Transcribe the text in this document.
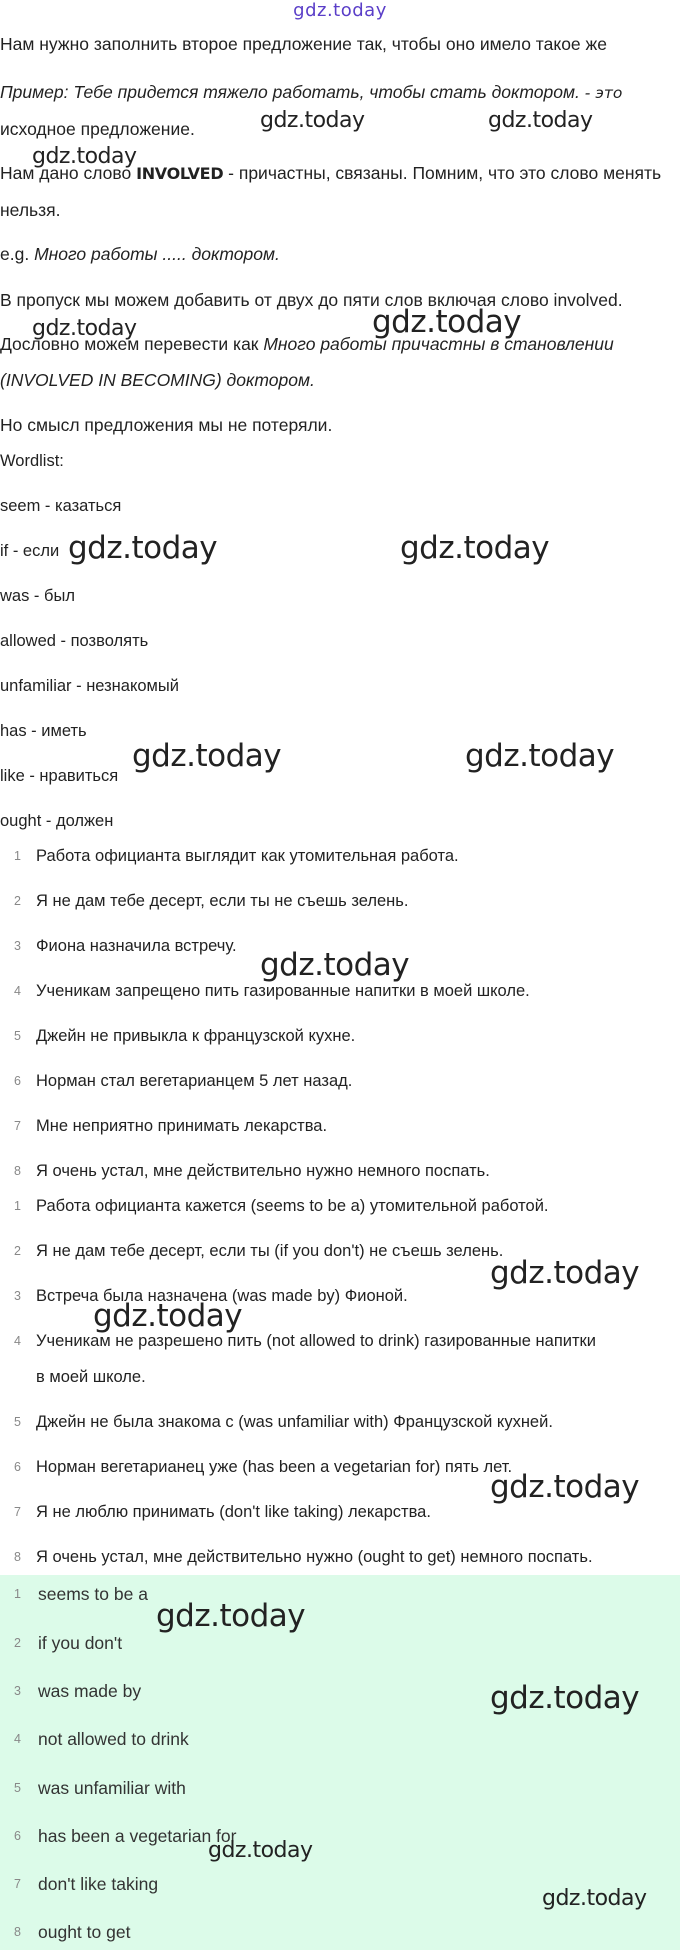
gdz.today
Нам нужно заполнить второе предложение так, чтобы оно имело такое же
Пример: Тебе придется тяжело работать, чтобы стать доктором. - это
исходное предложение.
Нам дано слово INVOLVED - причастны, связаны. Помним, что это слово менять
нельзя.
e.g. Много работы ..... доктором.
В пропуск мы можем добавить от двух до пяти слов включая слово involved.
Дословно можем перевести как Много работы причастны в становлении
(INVOLVED IN BECOMING) доктором.
Но смысл предложения мы не потеряли.
Wordlist:
seem - казаться
if - если
was - был
allowed - позволять
unfamiliar - незнакомый
has - иметь
like - нравиться
ought - должен
1 Работа официанта выглядит как утомительная работа.
2 Я не дам тебе десерт, если ты не съешь зелень.
3 Фиона назначила встречу.
4 Ученикам запрещено пить газированные напитки в моей школе.
5 Джейн не привыкла к французской кухне.
6 Норман стал вегетарианцем 5 лет назад.
7 Мне неприятно принимать лекарства.
8 Я очень устал, мне действительно нужно немного поспать.
1 Работа официанта кажется (seems to be a) утомительной работой.
2 Я не дам тебе десерт, если ты (if you don't) не съешь зелень.
3 Встреча была назначена (was made by) Фионой.
4 Ученикам не разрешено пить (not allowed to drink) газированные напитки
в моей школе.
5 Джейн не была знакома с (was unfamiliar with) Французской кухней.
6 Норман вегетарианец уже (has been a vegetarian for) пять лет.
7 Я не люблю принимать (don't like taking) лекарства.
8 Я очень устал, мне действительно нужно (ought to get) немного поспать.
1 seems to be a
2 if you don't
3 was made by
4 not allowed to drink
5 was unfamiliar with
6 has been a vegetarian for
7 don't like taking
8 ought to get
gdz.today	gdz.today
gdz.today
gdz.today	gdz.today
gdz.today	gdz.today
gdz.today	gdz.today
gdz.today
gdz.today
gdz.today
gdz.today
gdz.today
gdz.today
gdz.today
gdz.today
